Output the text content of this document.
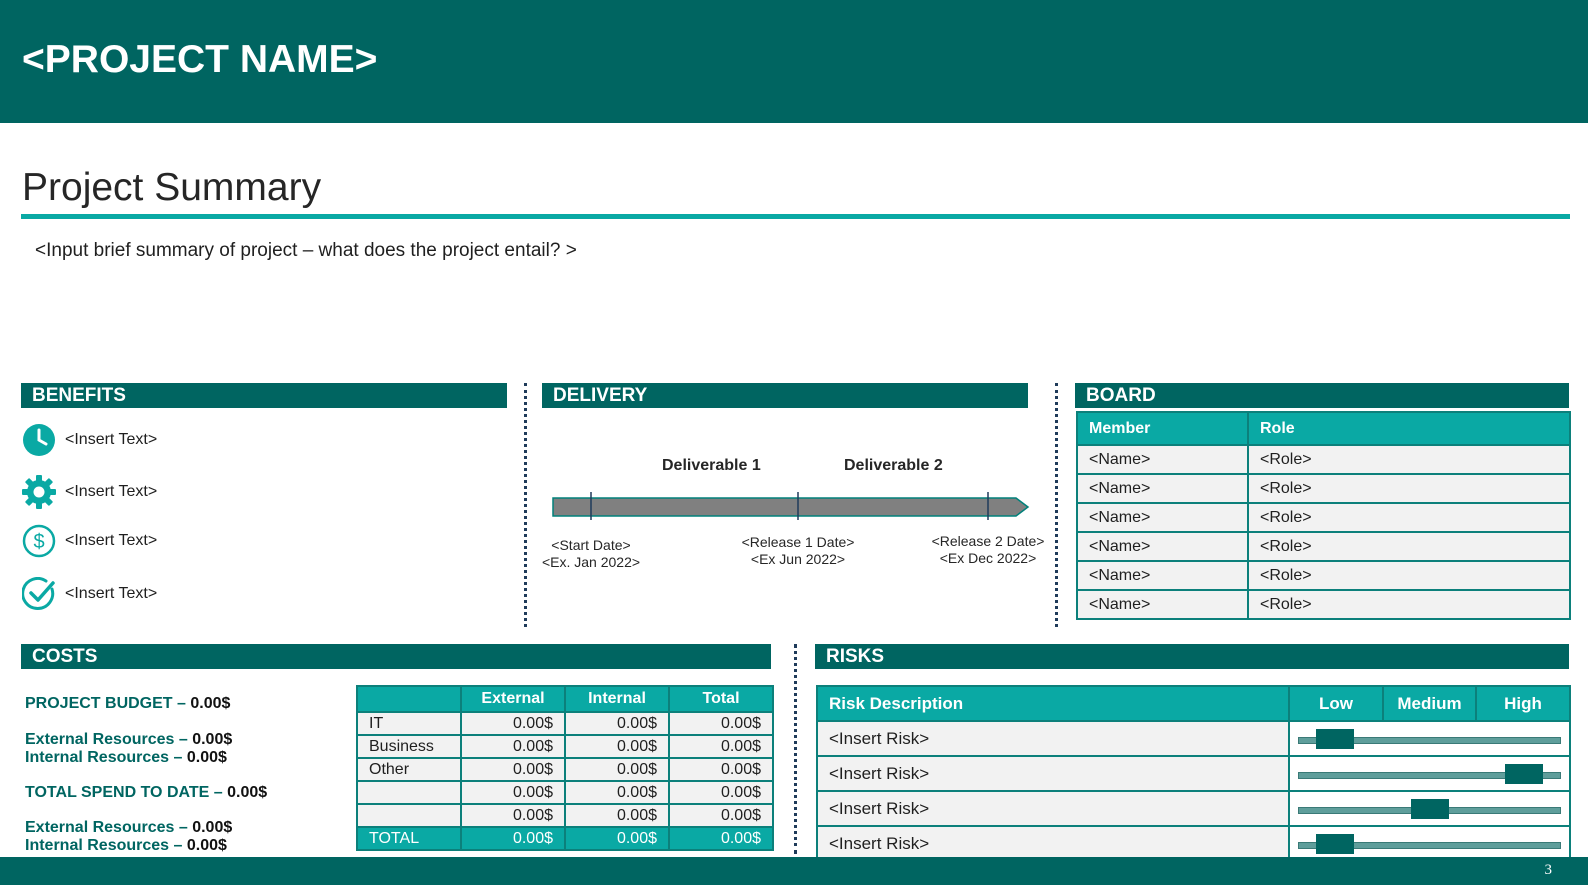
<PROJECT NAME>
Project Summary
<Input brief summary of project – what does the project entail? >
BENEFITS
<Insert Text>
<Insert Text>
$ <Insert Text>
<Insert Text>
DELIVERY
Deliverable 1	Deliverable 2
<Start Date>
<Ex. Jan 2022>
<Release 1 Date>
<Ex Jun 2022>
<Release 2 Date>
<Ex Dec 2022>
BOARD
Member	Role
<Name>	<Role>
<Name>	<Role>
<Name>	<Role>
<Name>	<Role>
<Name>	<Role>
<Name>	<Role>
COSTS
PROJECT BUDGET – 0.00$
External Resources – 0.00$
Internal Resources – 0.00$
TOTAL SPEND TO DATE – 0.00$
External Resources – 0.00$
Internal Resources – 0.00$
	External	Internal	Total
IT	0.00$	0.00$	0.00$
Business	0.00$	0.00$	0.00$
Other	0.00$	0.00$	0.00$
	0.00$	0.00$	0.00$
	0.00$	0.00$	0.00$
TOTAL	0.00$	0.00$	0.00$
RISKS
Risk Description	Low	Medium	High
<Insert Risk>			

<Insert Risk>			

<Insert Risk>			

<Insert Risk>			
3
